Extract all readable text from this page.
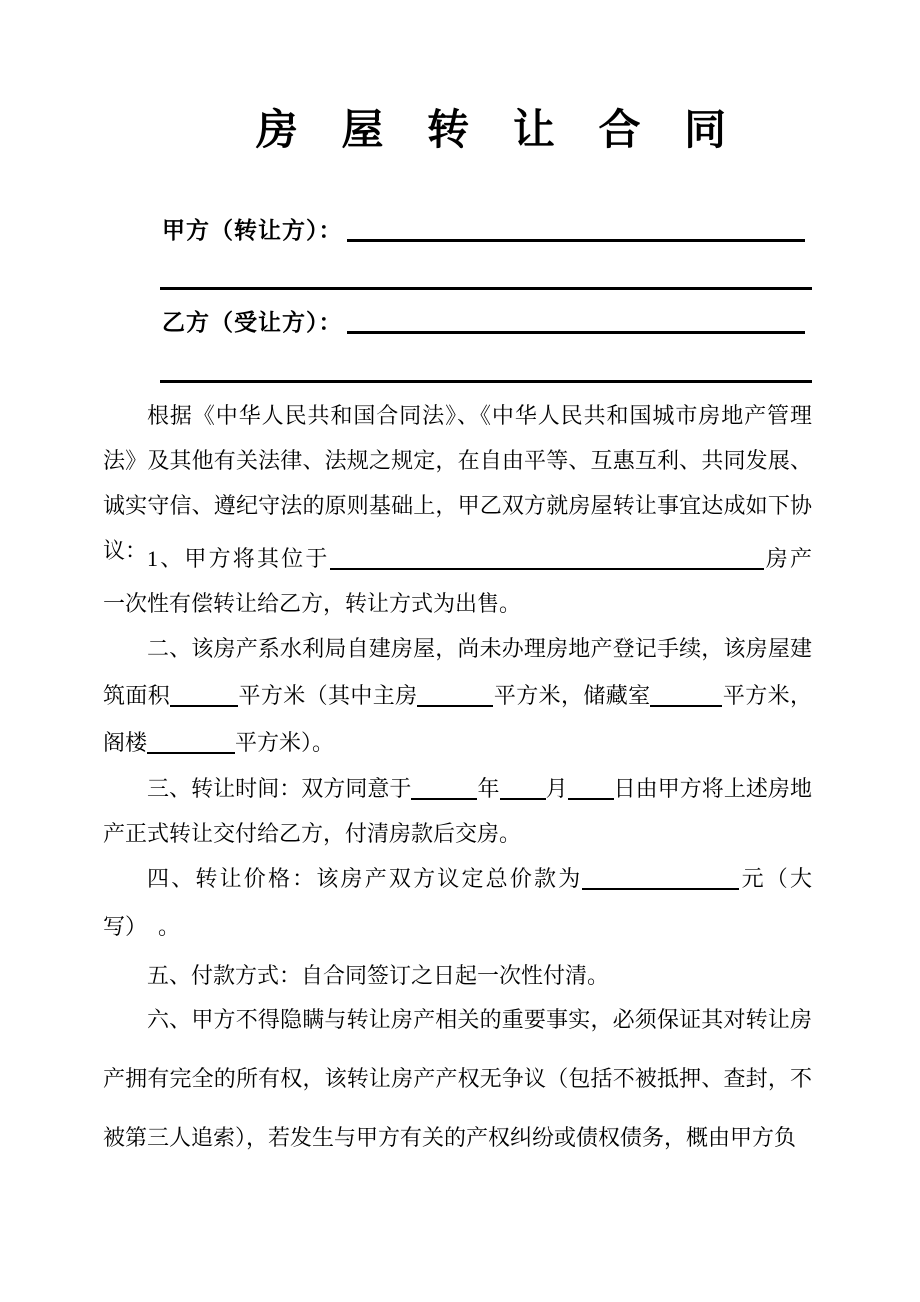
房 屋 转 让 合 同
甲方（转让方）：
乙方（受让方）：

根据《中华人民共和国合同法》、《中华人民共和国城市房地产管理法》及其他有关法律、法规之规定，在自由平等、互惠互利、共同发展、诚实守信、遵纪守法的原则基础上，甲乙双方就房屋转让事宜达成如下协议： 1、甲方将其位于	房产一次性有偿转让给乙方，转让方式为出售。

二、该房产系水利局自建房屋，尚未办理房地产登记手续，该房屋建筑面积	平方米（其中主房	平方米，储藏室	平方米，阁楼	平方米）。

三、转让时间：双方同意于	年 月 日由甲方将上述房地产正式转让交付给乙方，付清房款后交房。

四、转让价格：该房产双方议定总价款为	元（大写）　。

五、付款方式：自合同签订之日起一次性付清。

六、甲方不得隐瞒与转让房产相关的重要事实，必须保证其对转让房产拥有完全的所有权，该转让房产产权无争议（包括不被抵押、查封，不被第三人追索），若发生与甲方有关的产权纠纷或债权债务，概由甲方负
